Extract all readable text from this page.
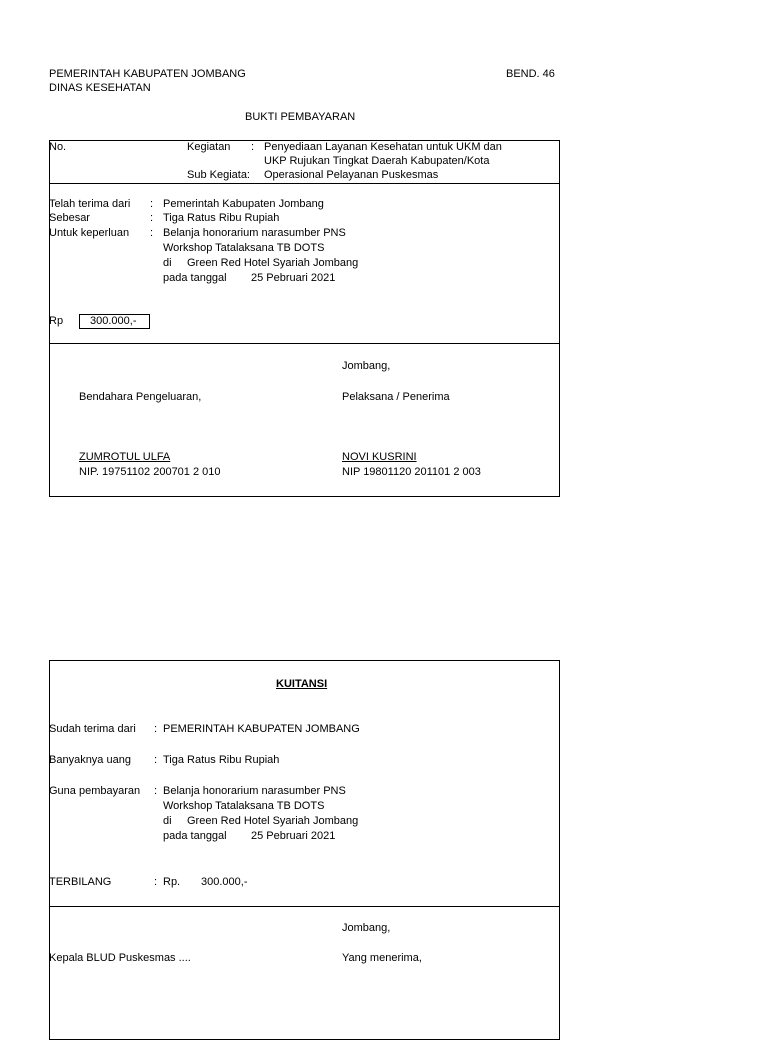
PEMERINTAH KABUPATEN JOMBANG
DINAS KESEHATAN
BEND. 46
BUKTI PEMBAYARAN
No.	Kegiatan : Penyediaan Layanan Kesehatan untuk UKM dan
UKP Rujukan Tingkat Daerah Kabupaten/Kota
Sub Kegiata: Operasional Pelayanan Puskesmas
Telah terima dari : Pemerintah Kabupaten Jombang
Sebesar	: Tiga Ratus Ribu Rupiah
Untuk keperluan : Belanja honorarium narasumber PNS
Workshop Tatalaksana TB DOTS
di Green Red Hotel Syariah Jombang
pada tanggal 25 Pebruari 2021
Rp	300.000,-
Jombang,
Bendahara Pengeluaran,	Pelaksana / Penerima
ZUMROTUL ULFA
NIP. 19751102 200701 2 010
NOVI KUSRINI
NIP 19801120 201101 2 003
KUITANSI
Sudah terima dari : PEMERINTAH KABUPATEN JOMBANG
Banyaknya uang : Tiga Ratus Ribu Rupiah
Guna pembayaran : Belanja honorarium narasumber PNS
Workshop Tatalaksana TB DOTS
di Green Red Hotel Syariah Jombang
pada tanggal 25 Pebruari 2021
TERBILANG	: Rp. 300.000,-
Jombang,
Kepala BLUD Puskesmas ....	Yang menerima,
